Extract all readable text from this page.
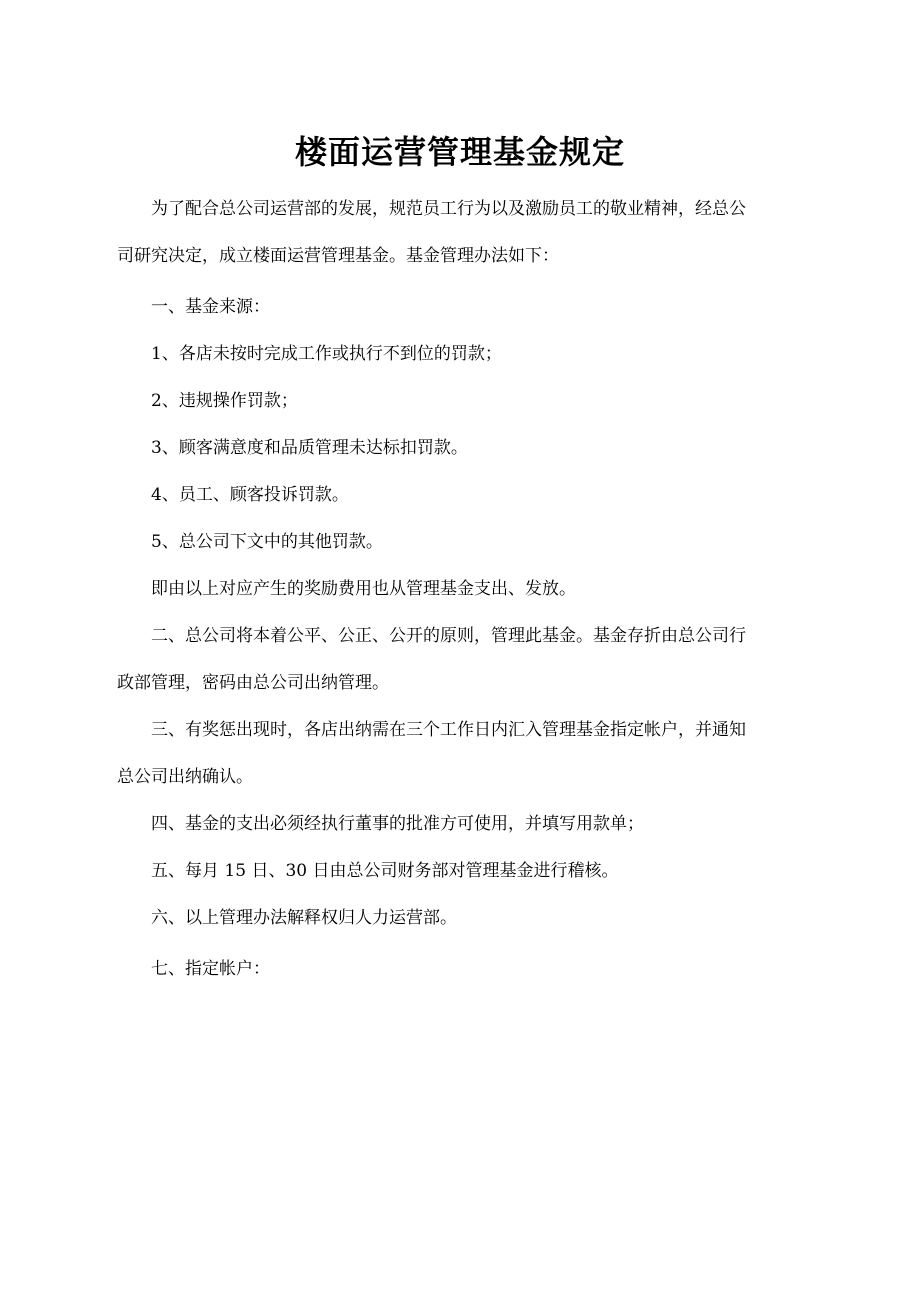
楼面运营管理基金规定

为了配合总公司运营部的发展，规范员工行为以及激励员工的敬业精神，经总公

司研究决定，成立楼面运营管理基金。基金管理办法如下：

一、基金来源：

1、各店未按时完成工作或执行不到位的罚款；

2、违规操作罚款；

3、顾客满意度和品质管理未达标扣罚款。

4、员工、顾客投诉罚款。

5、总公司下文中的其他罚款。

即由以上对应产生的奖励费用也从管理基金支出、发放。

二、总公司将本着公平、公正、公开的原则，管理此基金。基金存折由总公司行

政部管理，密码由总公司出纳管理。

三、有奖惩出现时，各店出纳需在三个工作日内汇入管理基金指定帐户，并通知

总公司出纳确认。

四、基金的支出必须经执行董事的批准方可使用，并填写用款单；

五、每月 15 日、30 日由总公司财务部对管理基金进行稽核。

六、以上管理办法解释权归人力运营部。

七、指定帐户：
